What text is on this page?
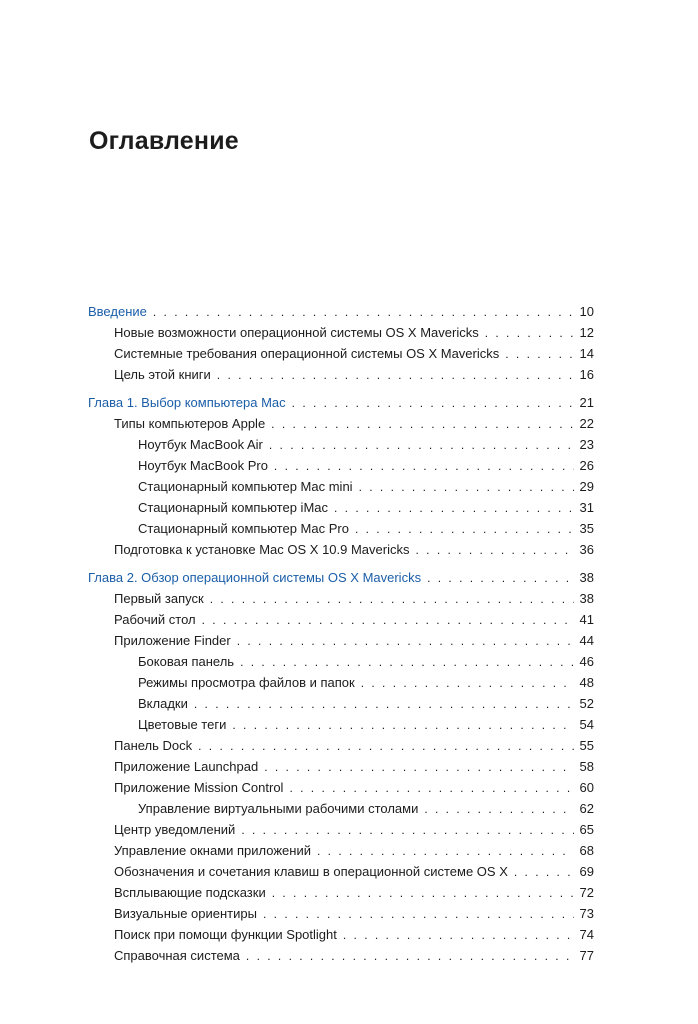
Оглавление
Введение . . .	10
Новые возможности операционной системы OS X Mavericks . . .	12
Системные требования операционной системы OS X Mavericks . . .	14
Цель этой книги . . .	16
Глава 1. Выбор компьютера Mac . . .	21
Типы компьютеров Apple . . .	22
Ноутбук MacBook Air . . .	23
Ноутбук MacBook Pro . . .	26
Стационарный компьютер Mac mini . . .	29
Стационарный компьютер iMac . . .	31
Стационарный компьютер Mac Pro . . .	35
Подготовка к установке Mac OS X 10.9 Mavericks . . .	36
Глава 2. Обзор операционной системы OS X Mavericks . . .	38
Первый запуск . . .	38
Рабочий стол . . .	41
Приложение Finder . . .	44
Боковая панель . . .	46
Режимы просмотра файлов и папок . . .	48
Вкладки . . .	52
Цветовые теги . . .	54
Панель Dock . . .	55
Приложение Launchpad . . .	58
Приложение Mission Control . . .	60
Управление виртуальными рабочими столами . . .	62
Центр уведомлений . . .	65
Управление окнами приложений . . .	68
Обозначения и сочетания клавиш в операционной системе OS X . . .	69
Всплывающие подсказки . . .	72
Визуальные ориентиры . . .	73
Поиск при помощи функции Spotlight . . .	74
Справочная система . . .	77
